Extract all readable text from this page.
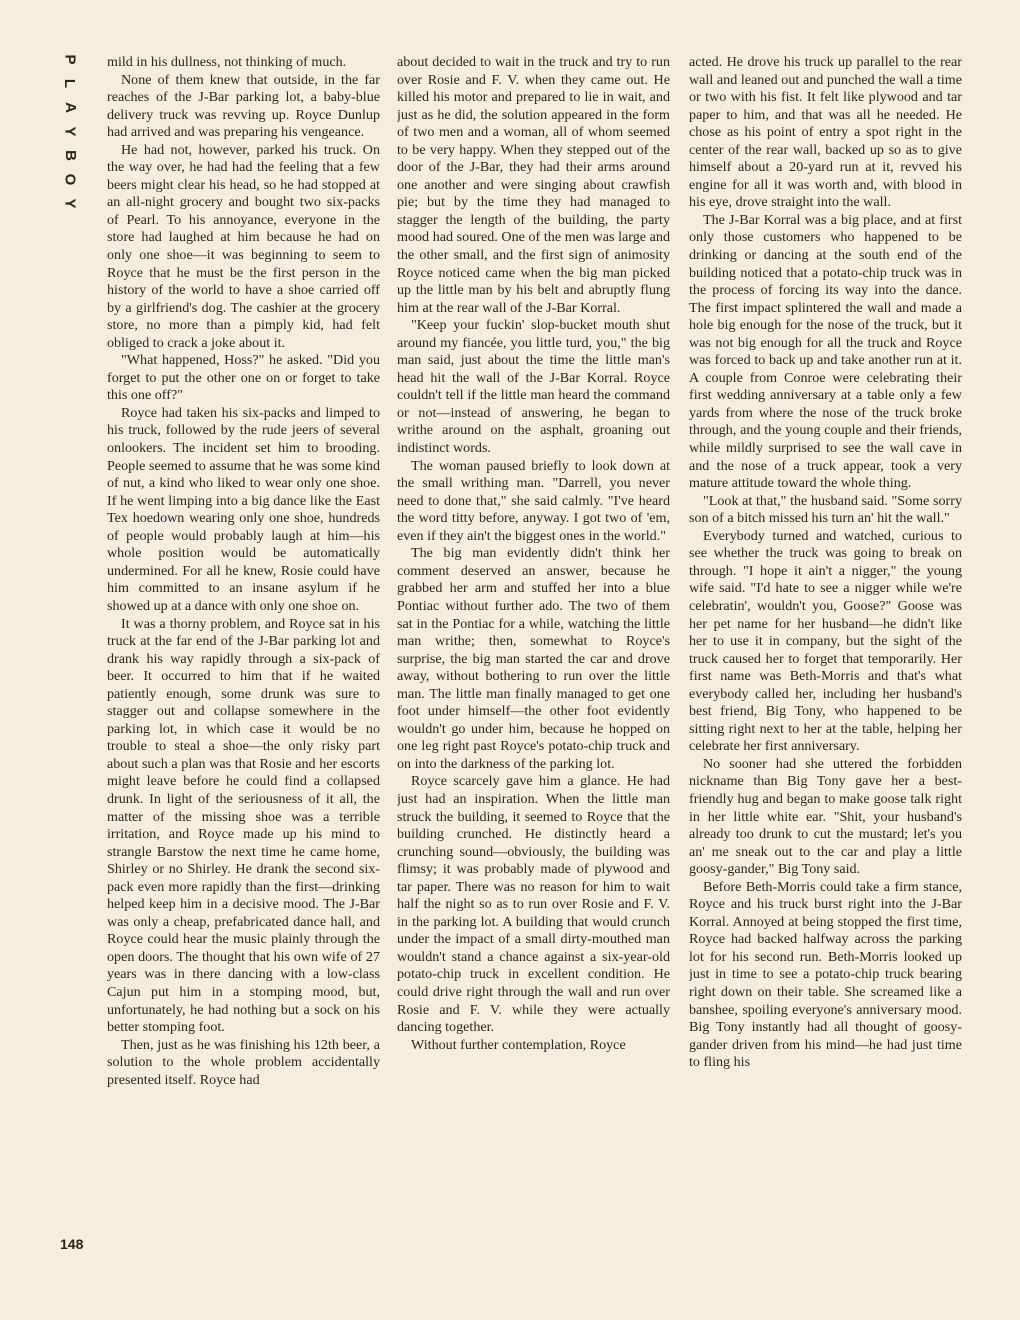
P
L
A
Y
B
O
Y
148

mild in his dullness, not thinking of much.

None of them knew that outside, in the far reaches of the J-Bar parking lot, a baby-blue delivery truck was revving up. Royce Dunlup had arrived and was preparing his vengeance.

He had not, however, parked his truck. On the way over, he had had the feeling that a few beers might clear his head, so he had stopped at an all-night grocery and bought two six-packs of Pearl. To his annoyance, everyone in the store had laughed at him because he had on only one shoe—it was beginning to seem to Royce that he must be the first person in the history of the world to have a shoe carried off by a girlfriend's dog. The cashier at the grocery store, no more than a pimply kid, had felt obliged to crack a joke about it.

"What happened, Hoss?" he asked. "Did you forget to put the other one on or forget to take this one off?"

Royce had taken his six-packs and limped to his truck, followed by the rude jeers of several onlookers. The incident set him to brooding. People seemed to assume that he was some kind of nut, a kind who liked to wear only one shoe. If he went limping into a big dance like the East Tex hoedown wearing only one shoe, hundreds of people would probably laugh at him—his whole position would be automatically undermined. For all he knew, Rosie could have him committed to an insane asylum if he showed up at a dance with only one shoe on.

It was a thorny problem, and Royce sat in his truck at the far end of the J-Bar parking lot and drank his way rapidly through a six-pack of beer. It occurred to him that if he waited patiently enough, some drunk was sure to stagger out and collapse somewhere in the parking lot, in which case it would be no trouble to steal a shoe—the only risky part about such a plan was that Rosie and her escorts might leave before he could find a collapsed drunk. In light of the seriousness of it all, the matter of the missing shoe was a terrible irritation, and Royce made up his mind to strangle Barstow the next time he came home, Shirley or no Shirley. He drank the second six-pack even more rapidly than the first—drinking helped keep him in a decisive mood. The J-Bar was only a cheap, prefabricated dance hall, and Royce could hear the music plainly through the open doors. The thought that his own wife of 27 years was in there dancing with a low-class Cajun put him in a stomping mood, but, unfortunately, he had nothing but a sock on his better stomping foot.

Then, just as he was finishing his 12th beer, a solution to the whole problem accidentally presented itself. Royce had

about decided to wait in the truck and try to run over Rosie and F. V. when they came out. He killed his motor and prepared to lie in wait, and just as he did, the solution appeared in the form of two men and a woman, all of whom seemed to be very happy. When they stepped out of the door of the J-Bar, they had their arms around one another and were singing about crawfish pie; but by the time they had managed to stagger the length of the building, the party mood had soured. One of the men was large and the other small, and the first sign of animosity Royce noticed came when the big man picked up the little man by his belt and abruptly flung him at the rear wall of the J-Bar Korral.

"Keep your fuckin' slop-bucket mouth shut around my fiancée, you little turd, you," the big man said, just about the time the little man's head hit the wall of the J-Bar Korral. Royce couldn't tell if the little man heard the command or not—instead of answering, he began to writhe around on the asphalt, groaning out indistinct words.

The woman paused briefly to look down at the small writhing man. "Darrell, you never need to done that," she said calmly. "I've heard the word titty before, anyway. I got two of 'em, even if they ain't the biggest ones in the world."

The big man evidently didn't think her comment deserved an answer, because he grabbed her arm and stuffed her into a blue Pontiac without further ado. The two of them sat in the Pontiac for a while, watching the little man writhe; then, somewhat to Royce's surprise, the big man started the car and drove away, without bothering to run over the little man. The little man finally managed to get one foot under himself—the other foot evidently wouldn't go under him, because he hopped on one leg right past Royce's potato-chip truck and on into the darkness of the parking lot.

Royce scarcely gave him a glance. He had just had an inspiration. When the little man struck the building, it seemed to Royce that the building crunched. He distinctly heard a crunching sound—obviously, the building was flimsy; it was probably made of plywood and tar paper. There was no reason for him to wait half the night so as to run over Rosie and F. V. in the parking lot. A building that would crunch under the impact of a small dirty-mouthed man wouldn't stand a chance against a six-year-old potato-chip truck in excellent condition. He could drive right through the wall and run over Rosie and F. V. while they were actually dancing together.

Without further contemplation, Royce

acted. He drove his truck up parallel to the rear wall and leaned out and punched the wall a time or two with his fist. It felt like plywood and tar paper to him, and that was all he needed. He chose as his point of entry a spot right in the center of the rear wall, backed up so as to give himself about a 20-yard run at it, revved his engine for all it was worth and, with blood in his eye, drove straight into the wall.

The J-Bar Korral was a big place, and at first only those customers who happened to be drinking or dancing at the south end of the building noticed that a potato-chip truck was in the process of forcing its way into the dance. The first impact splintered the wall and made a hole big enough for the nose of the truck, but it was not big enough for all the truck and Royce was forced to back up and take another run at it. A couple from Conroe were celebrating their first wedding anniversary at a table only a few yards from where the nose of the truck broke through, and the young couple and their friends, while mildly surprised to see the wall cave in and the nose of a truck appear, took a very mature attitude toward the whole thing.

"Look at that," the husband said. "Some sorry son of a bitch missed his turn an' hit the wall."

Everybody turned and watched, curious to see whether the truck was going to break on through. "I hope it ain't a nigger," the young wife said. "I'd hate to see a nigger while we're celebratin', wouldn't you, Goose?" Goose was her pet name for her husband—he didn't like her to use it in company, but the sight of the truck caused her to forget that temporarily. Her first name was Beth-Morris and that's what everybody called her, including her husband's best friend, Big Tony, who happened to be sitting right next to her at the table, helping her celebrate her first anniversary.

No sooner had she uttered the forbidden nickname than Big Tony gave her a best-friendly hug and began to make goose talk right in her little white ear. "Shit, your husband's already too drunk to cut the mustard; let's you an' me sneak out to the car and play a little goosy-gander," Big Tony said.

Before Beth-Morris could take a firm stance, Royce and his truck burst right into the J-Bar Korral. Annoyed at being stopped the first time, Royce had backed halfway across the parking lot for his second run. Beth-Morris looked up just in time to see a potato-chip truck bearing right down on their table. She screamed like a banshee, spoiling everyone's anniversary mood. Big Tony instantly had all thought of goosy-gander driven from his mind—he had just time to fling his
